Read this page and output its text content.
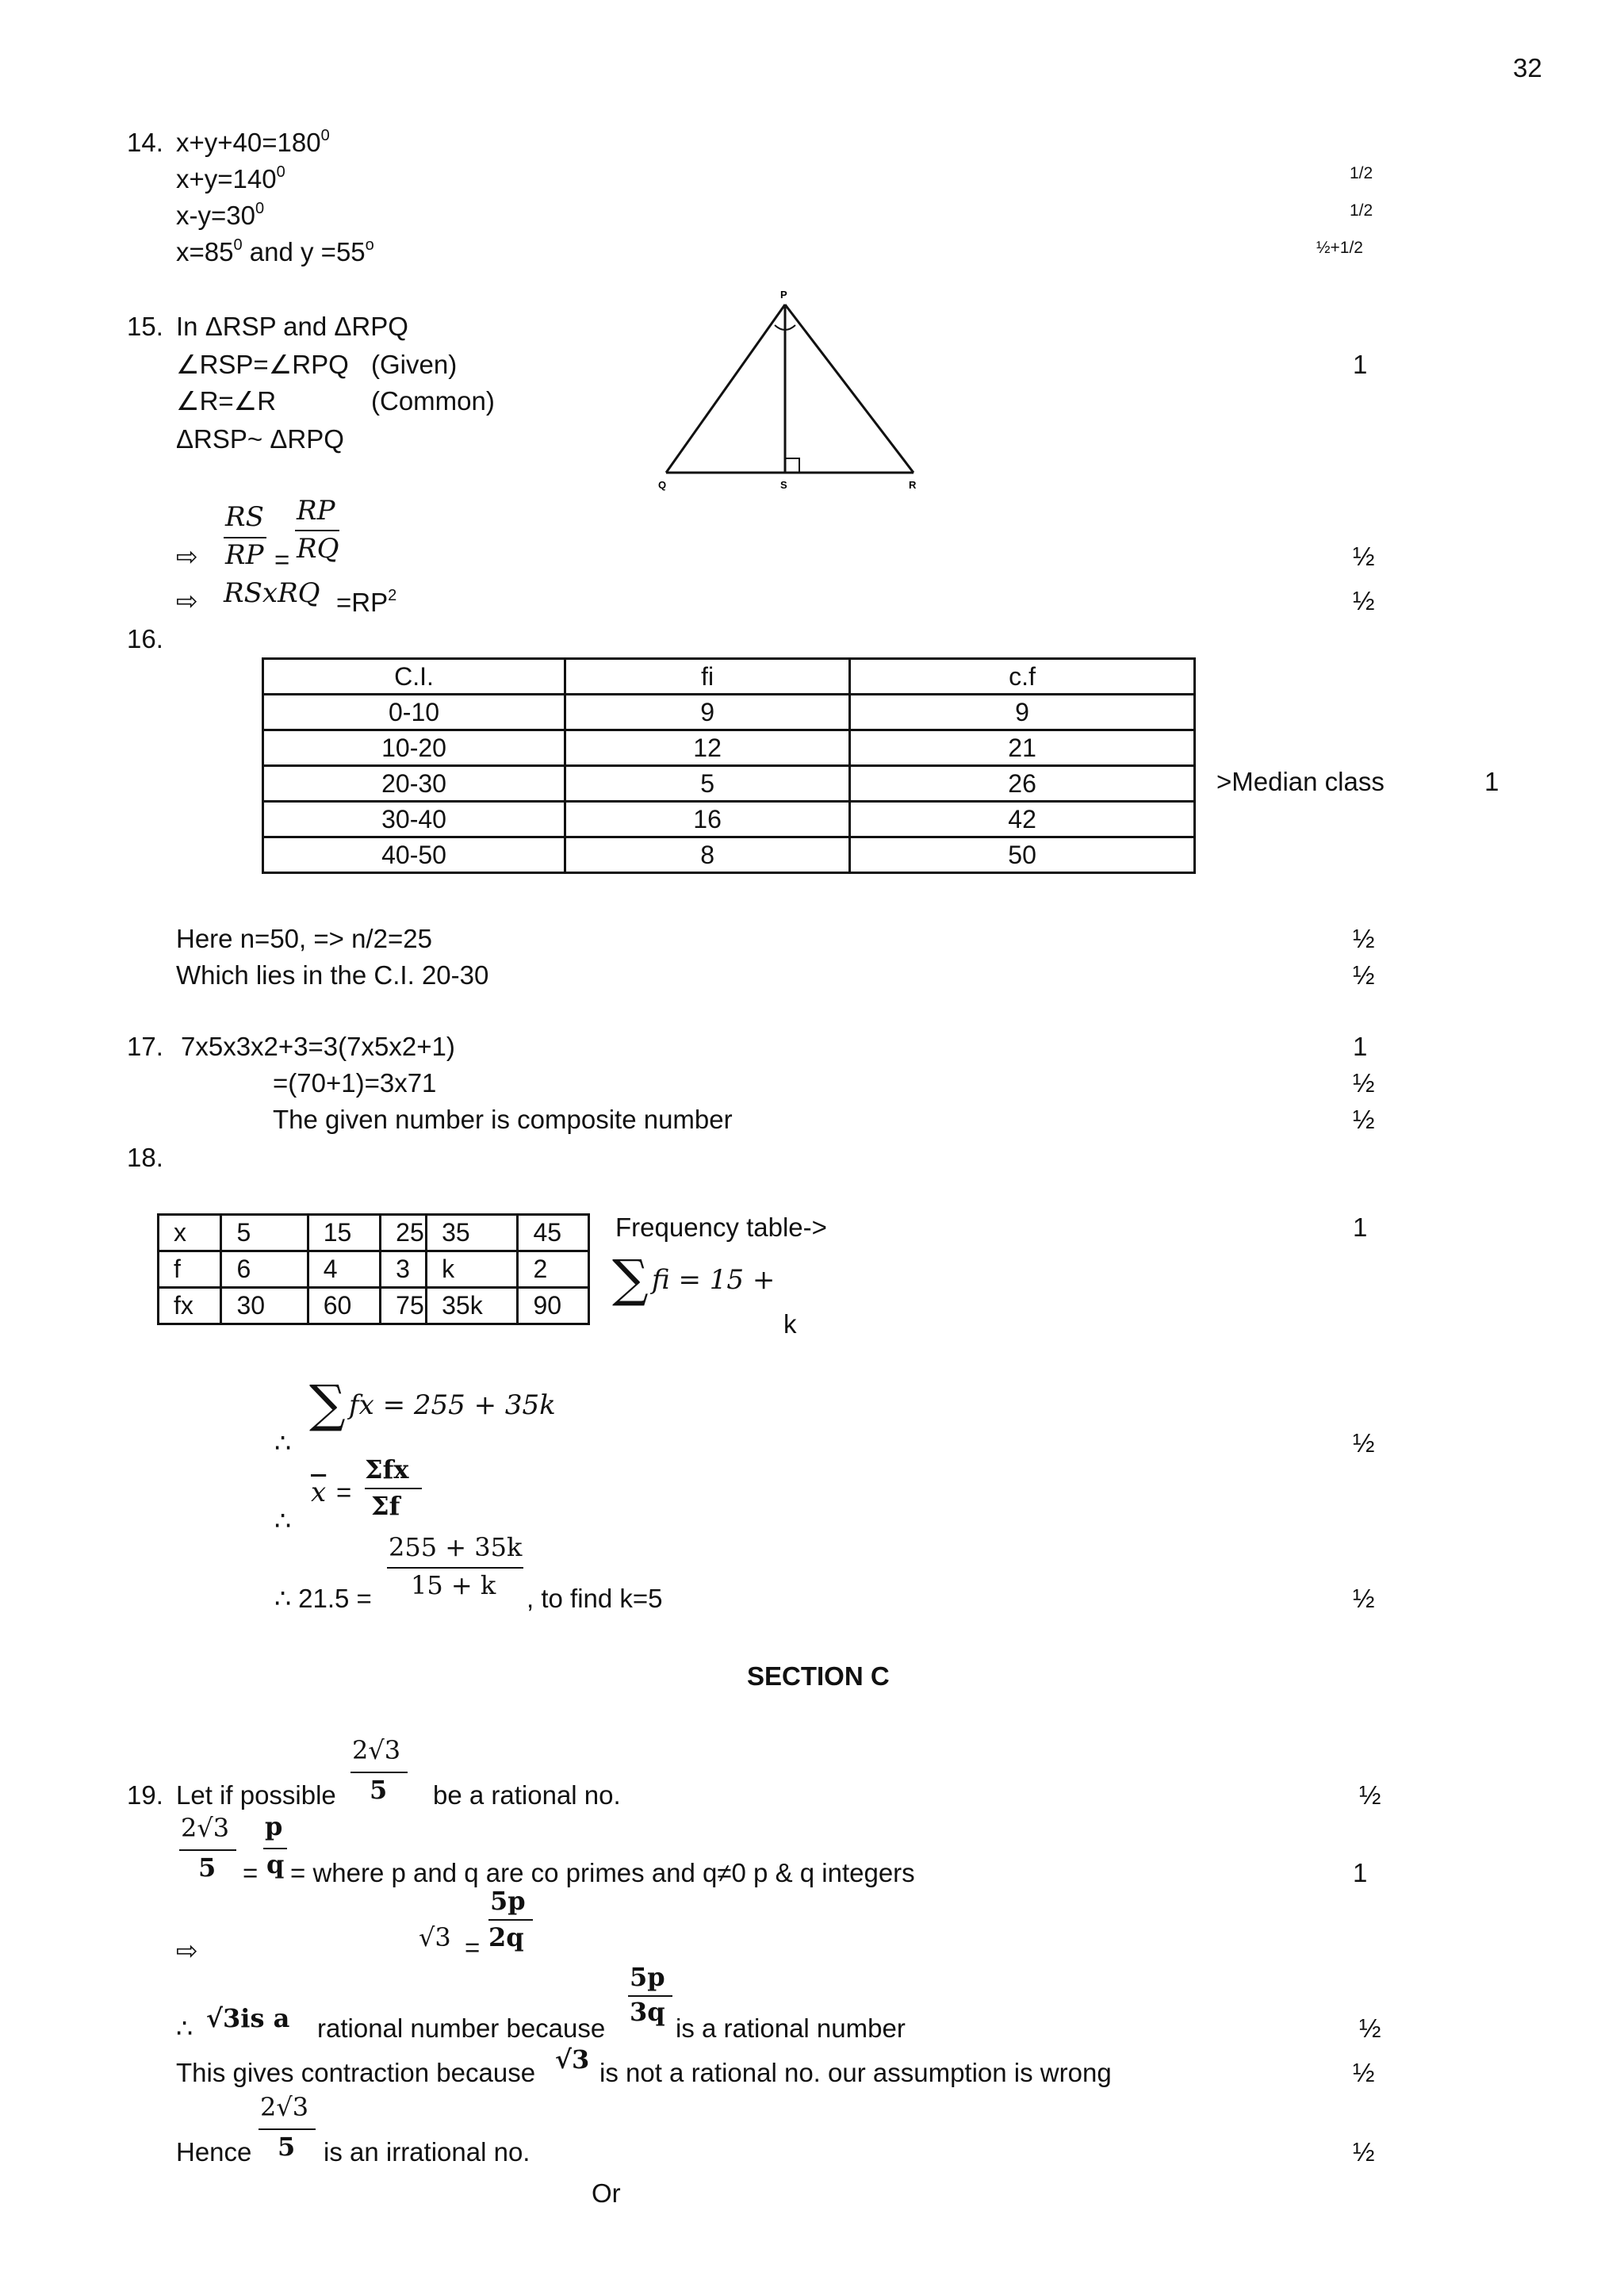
32
14. $x+y+40=180^0$
$x+y=140^0$
$x-y=30^0$
$x=85^0$ and $y =55^o$
1/2
1/2
½+1/2
15. In ΔRSP and ΔRPQ
∠RSP=∠RPQ (Given)
∠R=∠R	(Common)
ΔRSP~ ΔRPQ
P
Q	S	R
⇨
RS
RP =
RP
RQ
⇨ RSxRQ $=RP^2$
1
½
½
16.
C.I.	fi	c.f
0-10	9	9
10-20	12	21
20-30	5	26
30-40	16	42
40-50	8	50
>Median class	1
Here n=50, => n/2=25
Which lies in the C.I. 20-30
½
½
17. 7x5x3x2+3=3(7x5x2+1)
=(70+1)=3x71
The given number is composite number
1
½
½
18.
x	5	15	25	35	45
f	6	4	3	k	2
fx	30	60	75	35k	90
Frequency table->	1
∑ fi = 15 +
k
∑ fx = 255 + 35k
∴	½
$\overline{x}$ =
Σfx
Σf
∴
255 + 35k
15 + k
∴ 21.5 =	, to find k=5	½
SECTION C
19. Let if possible
2√3
5 be a rational no.	½
2√3
5 =
p
q = where p and q are co primes and q≠0 p & q integers	1
⇨	√3 =
5p
2q
∴ √3is a rational number because
5p
3q
is a rational number	½
This gives contraction because √3 is not a rational no. our assumption is wrong	½
Hence
2√3
5 is an irrational no.	½
Or
